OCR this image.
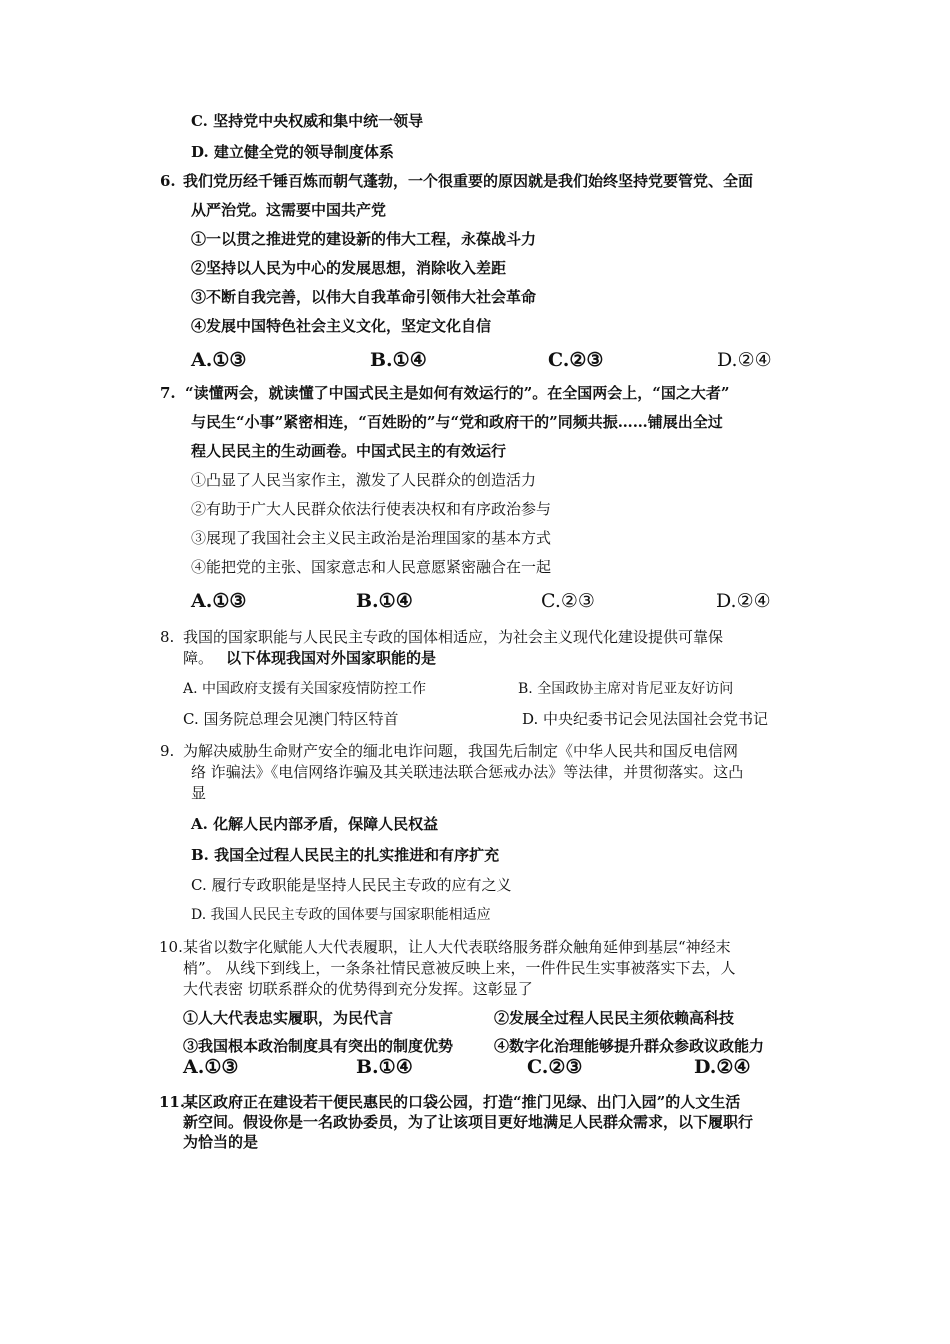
C. 坚持党中央权威和集中统一领导
D. 建立健全党的领导制度体系
6. 我们党历经千锤百炼而朝气蓬勃，一个很重要的原因就是我们始终坚持党要管党、全面
从严治党。这需要中国共产党
①一以贯之推进党的建设新的伟大工程，永葆战斗力
②坚持以人民为中心的发展思想，消除收入差距
③不断自我完善，以伟大自我革命引领伟大社会革命
④发展中国特色社会主义文化，坚定文化自信
A.①③	B.①④	C.②③	D.②④
7. “读懂两会，就读懂了中国式民主是如何有效运行的”。在全国两会上，“国之大者”
与民生“小事”紧密相连，“百姓盼的”与“党和政府干的”同频共振……铺展出全过
程人民民主的生动画卷。中国式民主的有效运行
①凸显了人民当家作主，激发了人民群众的创造活力
②有助于广大人民群众依法行使表决权和有序政治参与
③展现了我国社会主义民主政治是治理国家的基本方式
④能把党的主张、国家意志和人民意愿紧密融合在一起
A.①③	B.①④	C.②③	D.②④
8. 我国的国家职能与人民民主专政的国体相适应，为社会主义现代化建设提供可靠保
障。 以下体现我国对外国家职能的是
A. 中国政府支援有关国家疫情防控工作	B. 全国政协主席对肯尼亚友好访问
C. 国务院总理会见澳门特区特首	D. 中央纪委书记会见法国社会党书记
9. 为解决威胁生命财产安全的缅北电诈问题，我国先后制定《中华人民共和国反电信网
络 诈骗法》《电信网络诈骗及其关联违法联合惩戒办法》等法律，并贯彻落实。这凸
显
A. 化解人民内部矛盾，保障人民权益
B. 我国全过程人民民主的扎实推进和有序扩充
C. 履行专政职能是坚持人民民主专政的应有之义
D. 我国人民民主专政的国体要与国家职能相适应
10. 某省以数字化赋能人大代表履职，让人大代表联络服务群众触角延伸到基层“神经末
梢”。 从线下到线上，一条条社情民意被反映上来，一件件民生实事被落实下去，人
大代表密 切联系群众的优势得到充分发挥。这彰显了
①人大代表忠实履职，为民代言	②发展全过程人民民主须依赖高科技
③我国根本政治制度具有突出的制度优势	④数字化治理能够提升群众参政议政能力
A.①③	B.①④	C.②③	D.②④
11.
某区政府正在建设若干便民惠民的口袋公园，打造“推门见绿、出门入园”的人文生活
新空间。假设你是一名政协委员，为了让该项目更好地满足人民群众需求，以下履职行
为恰当的是
